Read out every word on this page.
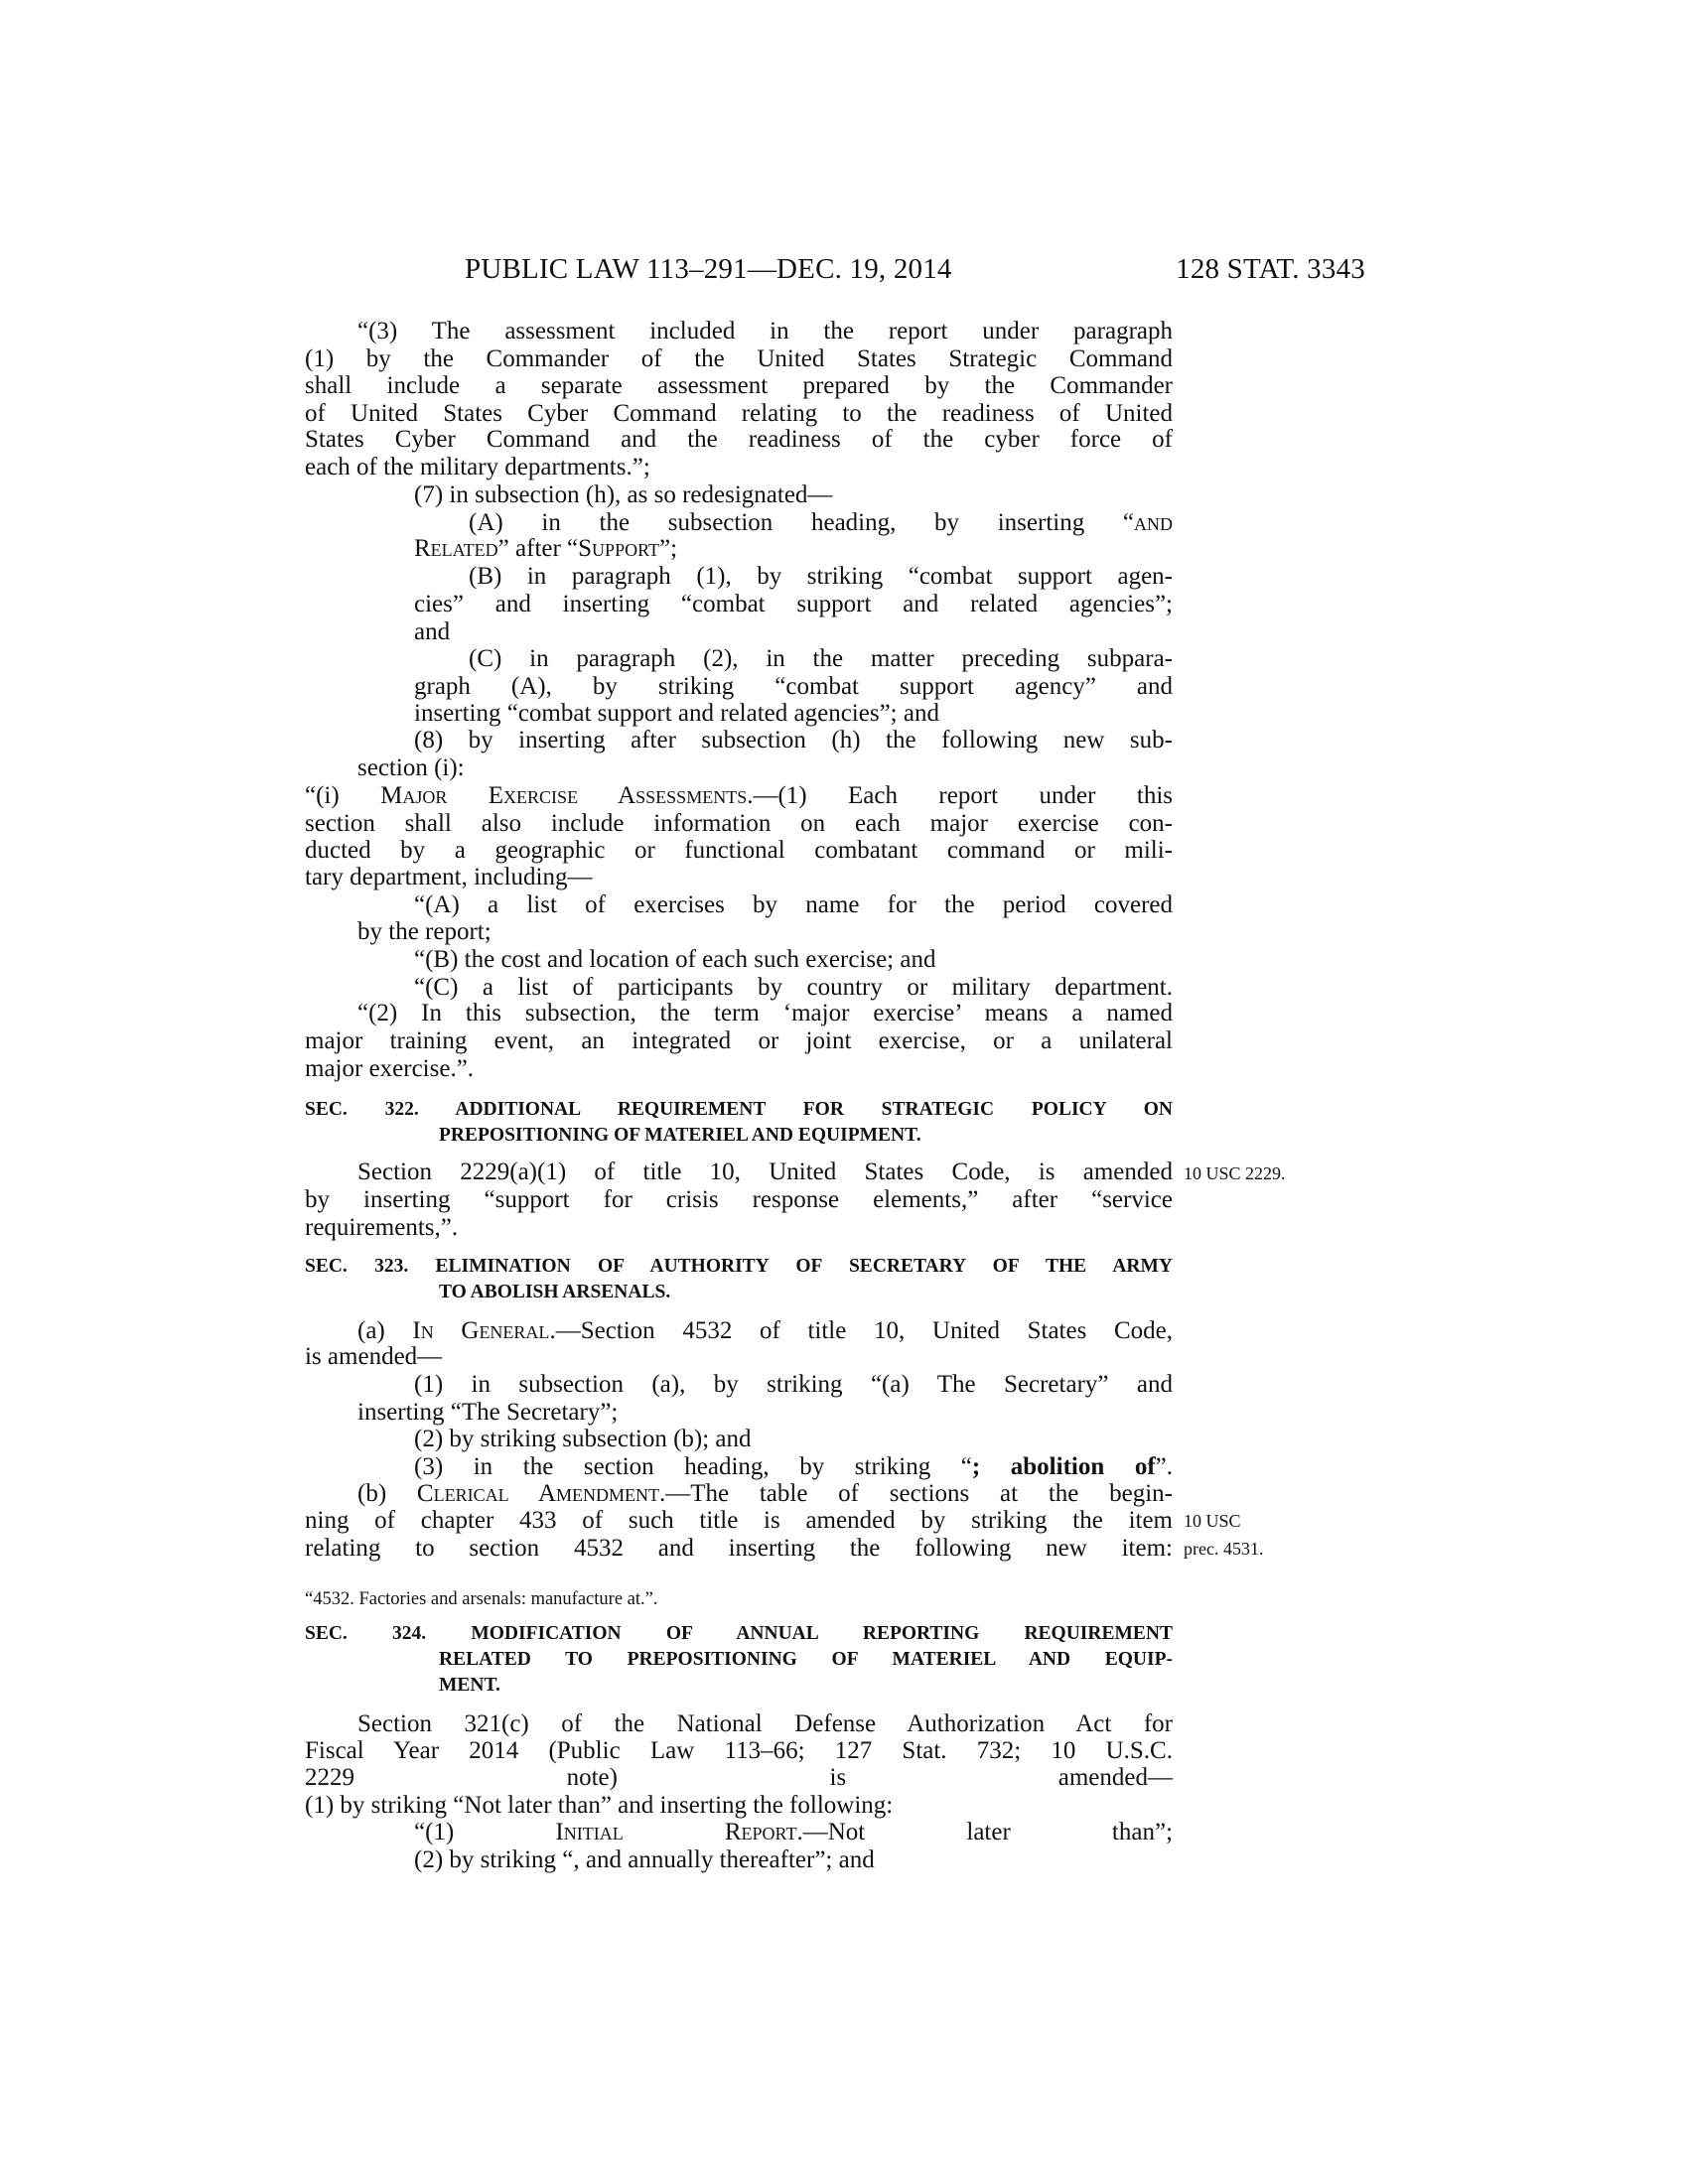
PUBLIC LAW 113–291—DEC. 19, 2014	128 STAT. 3343
“(3) The assessment included in the report under paragraph
(1) by the Commander of the United States Strategic Command
shall include a separate assessment prepared by the Commander
of United States Cyber Command relating to the readiness of United
States Cyber Command and the readiness of the cyber force of
each of the military departments.”;
(7) in subsection (h), as so redesignated—
(A) in the subsection heading, by inserting “and
Related” after “Support”;
(B) in paragraph (1), by striking “combat support agen-
cies” and inserting “combat support and related agencies”;
and
(C) in paragraph (2), in the matter preceding subpara-
graph (A), by striking “combat support agency” and
inserting “combat support and related agencies”; and
(8) by inserting after subsection (h) the following new sub-
section (i):
“(i) Major Exercise Assessments.—(1) Each report under this
section shall also include information on each major exercise con-
ducted by a geographic or functional combatant command or mili-
tary department, including—
“(A) a list of exercises by name for the period covered
by the report;
“(B) the cost and location of each such exercise; and
“(C) a list of participants by country or military department.
“(2) In this subsection, the term ‘major exercise’ means a named
major training event, an integrated or joint exercise, or a unilateral
major exercise.”.
SEC. 322. ADDITIONAL REQUIREMENT FOR STRATEGIC POLICY ON
PREPOSITIONING OF MATERIEL AND EQUIPMENT.
Section 2229(a)(1) of title 10, United States Code, is amended
by inserting “support for crisis response elements,” after “service
requirements,”.
SEC. 323. ELIMINATION OF AUTHORITY OF SECRETARY OF THE ARMY
TO ABOLISH ARSENALS.
(a) In General.—Section 4532 of title 10, United States Code,
is amended—
(1) in subsection (a), by striking “(a) The Secretary” and
inserting “The Secretary”;
(2) by striking subsection (b); and
(3) in the section heading, by striking “; abolition of”.
(b) Clerical Amendment.—The table of sections at the begin-
ning of chapter 433 of such title is amended by striking the item
relating to section 4532 and inserting the following new item:
“4532. Factories and arsenals: manufacture at.”.
SEC. 324. MODIFICATION OF ANNUAL REPORTING REQUIREMENT
RELATED TO PREPOSITIONING OF MATERIEL AND EQUIP-
MENT.
Section 321(c) of the National Defense Authorization Act for
Fiscal Year 2014 (Public Law 113–66; 127 Stat. 732; 10 U.S.C.
2229 note) is amended—
(1) by striking “Not later than” and inserting the following:
“(1) Initial Report.—Not later than”;
(2) by striking “, and annually thereafter”; and
10 USC 2229.
10 USC
prec. 4531.
